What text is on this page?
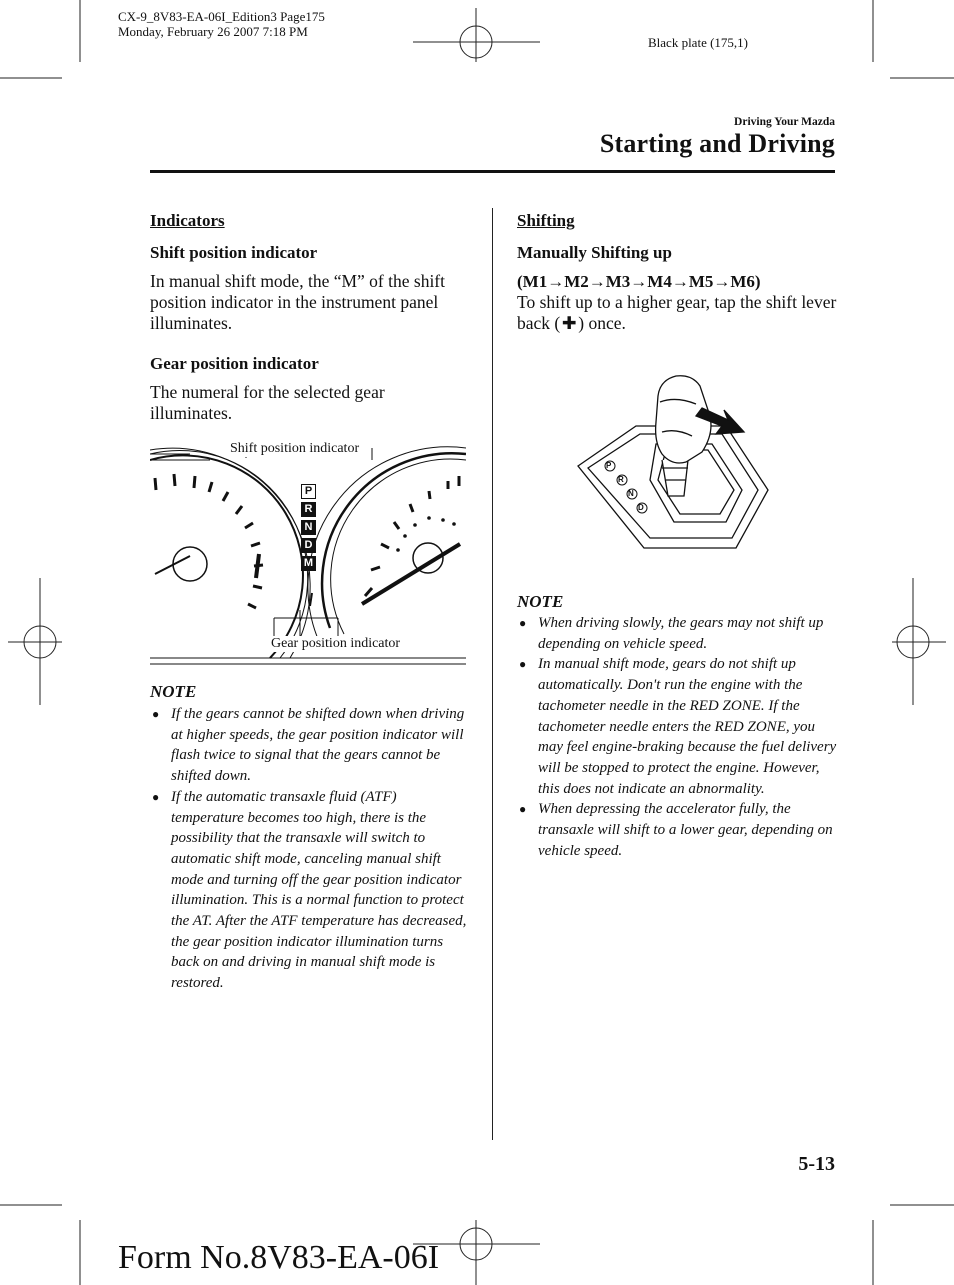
CX-9_8V83-EA-06I_Edition3 Page175
Monday, February 26 2007 7:18 PM
Black plate (175,1)
Driving Your Mazda
Starting and Driving
Indicators
Shift position indicator
In manual shift mode, the “M” of the shift position indicator in the instrument panel illuminates.
Gear position indicator
The numeral for the selected gear illuminates.
P
R
N
D
M
Shift position indicator
Gear position indicator
NOTE
● If the gears cannot be shifted down when driving at higher speeds, the gear position indicator will flash twice to signal that the gears cannot be shifted down.
● If the automatic transaxle fluid (ATF) temperature becomes too high, there is the possibility that the transaxle will switch to automatic shift mode, canceling manual shift mode and turning off the gear position indicator illumination. This is a normal function to protect the AT. After the ATF temperature has decreased, the gear position indicator illumination turns back on and driving in manual shift mode is restored.
Shifting
Manually Shifting up
(M1→M2→M3→M4→M5→M6)
To shift up to a higher gear, tap the shift lever back (✚) once.
P
R
N
D
NOTE
● When driving slowly, the gears may not shift up depending on vehicle speed.
● In manual shift mode, gears do not shift up automatically. Don't run the engine with the tachometer needle in the RED ZONE. If the tachometer needle enters the RED ZONE, you may feel engine-braking because the fuel delivery will be stopped to protect the engine. However, this does not indicate an abnormality.
● When depressing the accelerator fully, the transaxle will shift to a lower gear, depending on vehicle speed.
5-13
Form No.8V83-EA-06I
